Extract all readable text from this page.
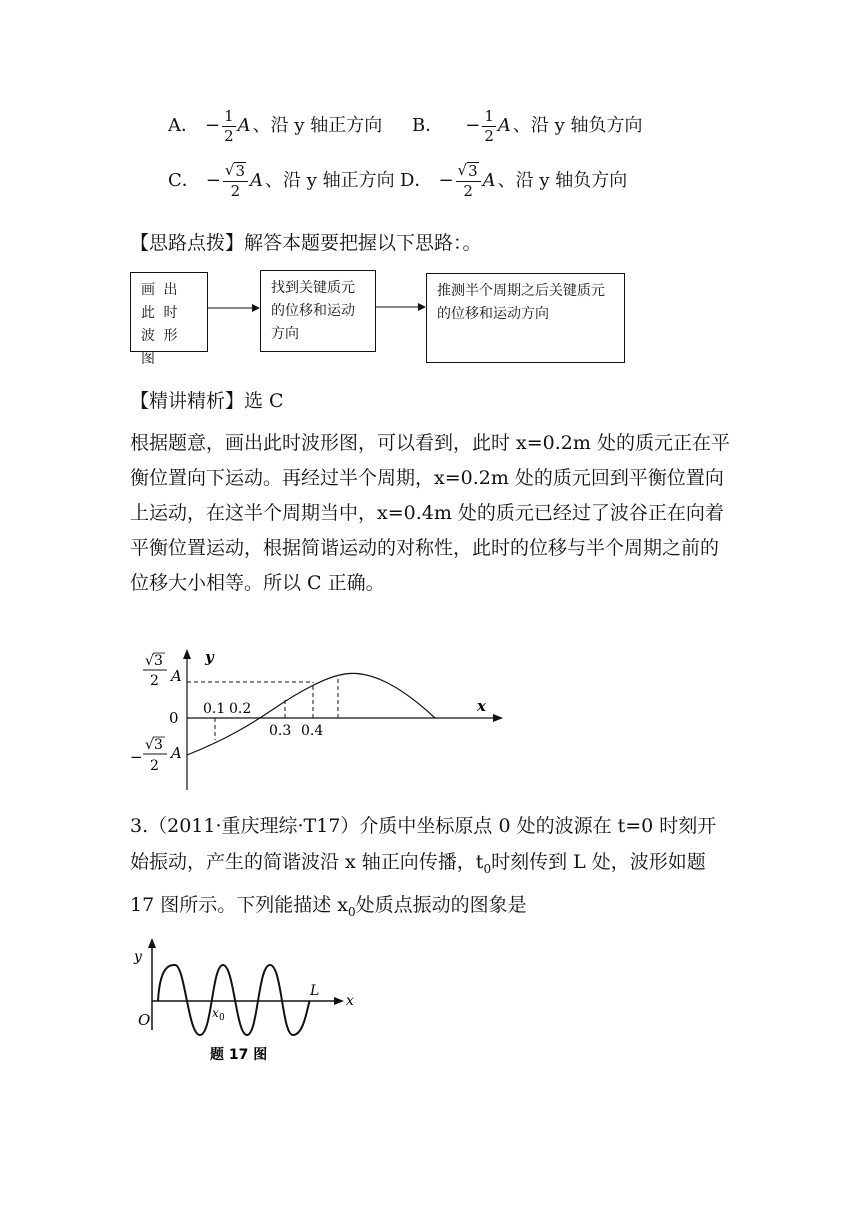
A． − $\frac{1}{2}$ A 、沿 y 轴正方向 B． − $\frac{1}{2}$ A 、沿 y 轴负方向
C． − $\frac{√ 3}{2}$ A 、沿 y 轴正方向 D． − $\frac{√ 3}{2}$ A 、沿 y 轴负方向
【思路点拨】解答本题要把握以下思路：。
画 出 此 时 波 形 图
找到关键质元的位移和运动方向
推测半个周期之后关键质元的位移和运动方向
【精讲精析】选 C
根据题意，画出此时波形图，可以看到，此时 x=0.2m 处的质元正在平衡位置向下运动。再经过半个周期，x=0.2m 处的质元回到平衡位置向上运动，在这半个周期当中，x=0.4m 处的质元已经过了波谷正在向着平衡位置运动，根据简谐运动的对称性，此时的位移与半个周期之前的位移大小相等。所以 C 正确。
y
x
0
√ 3
2 A
−
√ 3
2
A
0.1 0.2
0.3 0.4
3.（2011·重庆理综·T17）介质中坐标原点 0 处的波源在 t=0 时刻开始振动，产生的简谐波沿 x 轴正向传播，$t_0$时刻传到 L 处，波形如题 17 图所示。下列能描述 $x_0$处质点振动的图象是
y
x
O	x 0
L
题 17 图
